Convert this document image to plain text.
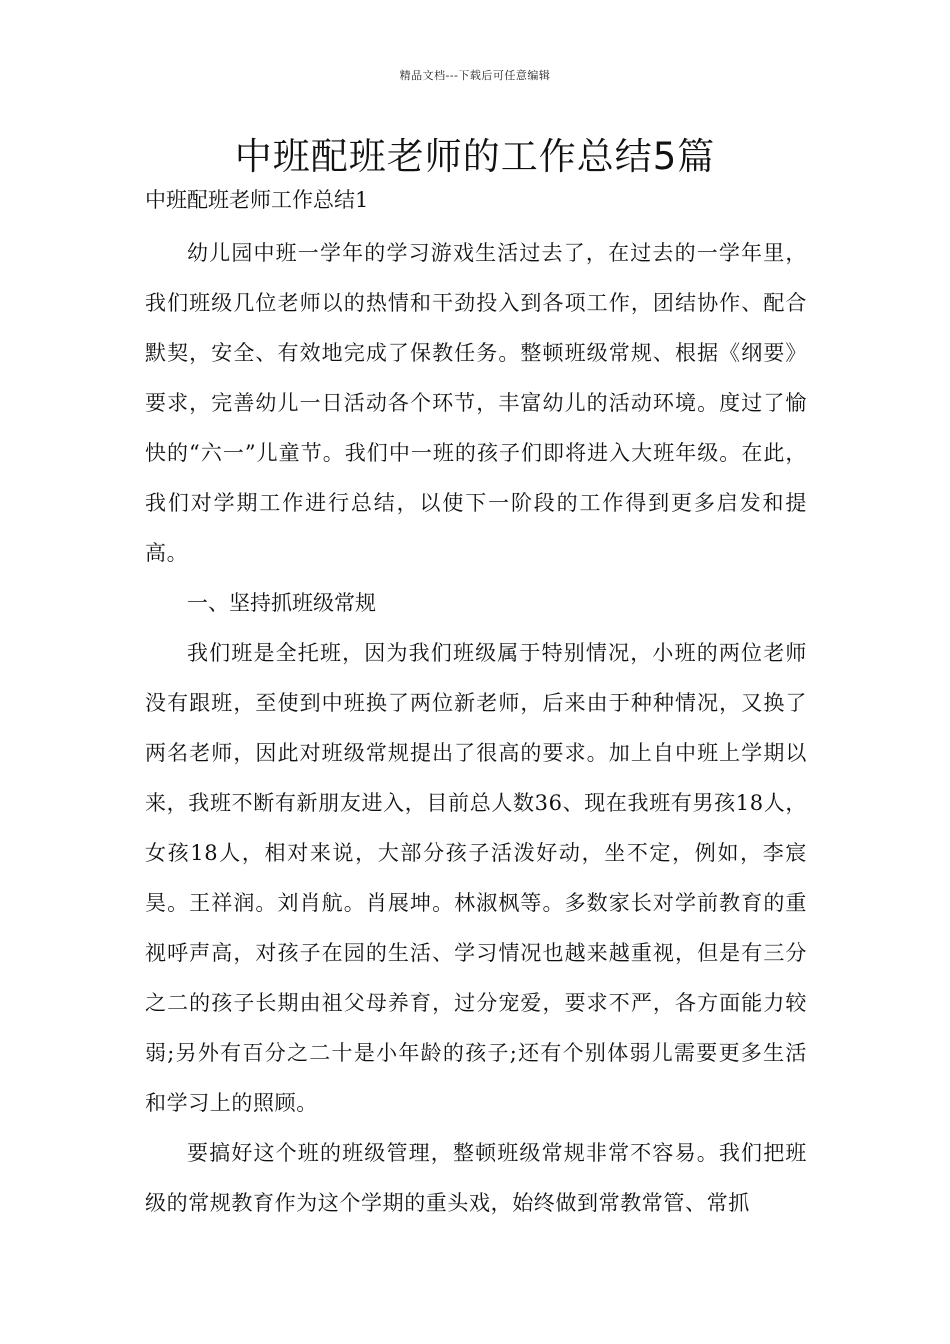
精品文档---下载后可任意编辑
中班配班老师的工作总结5篇

中班配班老师工作总结1

幼儿园中班一学年的学习游戏生活过去了，在过去的一学年里，我们班级几位老师以的热情和干劲投入到各项工作，团结协作、配合默契，安全、有效地完成了保教任务。整顿班级常规、根据《纲要》要求，完善幼儿一日活动各个环节，丰富幼儿的活动环境。度过了愉快的“六一”儿童节。我们中一班的孩子们即将进入大班年级。在此，我们对学期工作进行总结，以使下一阶段的工作得到更多启发和提高。

一、坚持抓班级常规

我们班是全托班，因为我们班级属于特别情况，小班的两位老师没有跟班，至使到中班换了两位新老师，后来由于种种情况，又换了两名老师，因此对班级常规提出了很高的要求。加上自中班上学期以来，我班不断有新朋友进入，目前总人数36、现在我班有男孩18人，女孩18人，相对来说，大部分孩子活泼好动，坐不定，例如，李宸昊。王祥润。刘肖航。肖展坤。林淑枫等。多数家长对学前教育的重视呼声高，对孩子在园的生活、学习情况也越来越重视，但是有三分之二的孩子长期由祖父母养育，过分宠爱，要求不严，各方面能力较弱;另外有百分之二十是小年龄的孩子;还有个别体弱儿需要更多生活和学习上的照顾。

要搞好这个班的班级管理，整顿班级常规非常不容易。我们把班级的常规教育作为这个学期的重头戏，始终做到常教常管、常抓
